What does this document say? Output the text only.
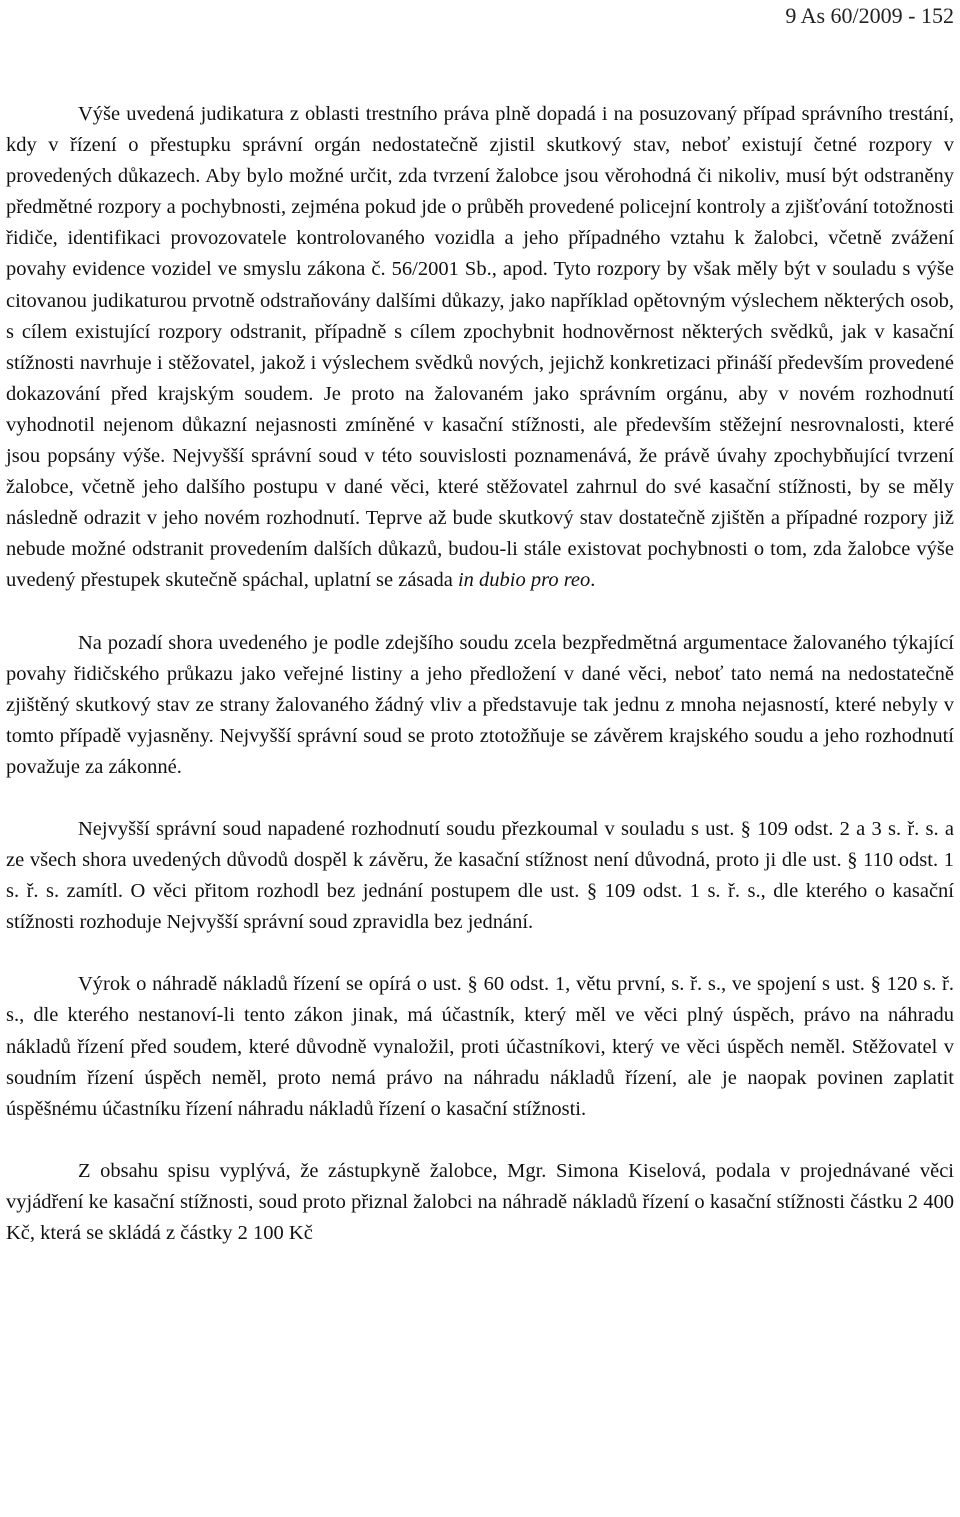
9 As 60/2009 - 152

Výše uvedená judikatura z oblasti trestního práva plně dopadá i na posuzovaný případ správního trestání, kdy v řízení o přestupku správní orgán nedostatečně zjistil skutkový stav, neboť existují četné rozpory v provedených důkazech. Aby bylo možné určit, zda tvrzení žalobce jsou věrohodná či nikoliv, musí být odstraněny předmětné rozpory a pochybnosti, zejména pokud jde o průběh provedené policejní kontroly a zjišťování totožnosti řidiče, identifikaci provozovatele kontrolovaného vozidla a jeho případného vztahu k žalobci, včetně zvážení povahy evidence vozidel ve smyslu zákona č. 56/2001 Sb., apod. Tyto rozpory by však měly být v souladu s výše citovanou judikaturou prvotně odstraňovány dalšími důkazy, jako například opětovným výslechem některých osob, s cílem existující rozpory odstranit, případně s cílem zpochybnit hodnověrnost některých svědků, jak v kasační stížnosti navrhuje i stěžovatel, jakož i výslechem svědků nových, jejichž konkretizaci přináší především provedené dokazování před krajským soudem. Je proto na žalovaném jako správním orgánu, aby v novém rozhodnutí vyhodnotil nejenom důkazní nejasnosti zmíněné v kasační stížnosti, ale především stěžejní nesrovnalosti, které jsou popsány výše. Nejvyšší správní soud v této souvislosti poznamenává, že právě úvahy zpochybňující tvrzení žalobce, včetně jeho dalšího postupu v dané věci, které stěžovatel zahrnul do své kasační stížnosti, by se měly následně odrazit v jeho novém rozhodnutí. Teprve až bude skutkový stav dostatečně zjištěn a případné rozpory již nebude možné odstranit provedením dalších důkazů, budou-li stále existovat pochybnosti o tom, zda žalobce výše uvedený přestupek skutečně spáchal, uplatní se zásada in dubio pro reo.

Na pozadí shora uvedeného je podle zdejšího soudu zcela bezpředmětná argumentace žalovaného týkající povahy řidičského průkazu jako veřejné listiny a jeho předložení v dané věci, neboť tato nemá na nedostatečně zjištěný skutkový stav ze strany žalovaného žádný vliv a představuje tak jednu z mnoha nejasností, které nebyly v tomto případě vyjasněny. Nejvyšší správní soud se proto ztotožňuje se závěrem krajského soudu a jeho rozhodnutí považuje za zákonné.

Nejvyšší správní soud napadené rozhodnutí soudu přezkoumal v souladu s ust. § 109 odst. 2 a 3 s. ř. s. a ze všech shora uvedených důvodů dospěl k závěru, že kasační stížnost není důvodná, proto ji dle ust. § 110 odst. 1 s. ř. s. zamítl. O věci přitom rozhodl bez jednání postupem dle ust. § 109 odst. 1 s. ř. s., dle kterého o kasační stížnosti rozhoduje Nejvyšší správní soud zpravidla bez jednání.

Výrok o náhradě nákladů řízení se opírá o ust. § 60 odst. 1, větu první, s. ř. s., ve spojení s ust. § 120 s. ř. s., dle kterého nestanoví-li tento zákon jinak, má účastník, který měl ve věci plný úspěch, právo na náhradu nákladů řízení před soudem, které důvodně vynaložil, proti účastníkovi, který ve věci úspěch neměl. Stěžovatel v soudním řízení úspěch neměl, proto nemá právo na náhradu nákladů řízení, ale je naopak povinen zaplatit úspěšnému účastníku řízení náhradu nákladů řízení o kasační stížnosti.

Z obsahu spisu vyplývá, že zástupkyně žalobce, Mgr. Simona Kiselová, podala v projednávané věci vyjádření ke kasační stížnosti, soud proto přiznal žalobci na náhradě nákladů řízení o kasační stížnosti částku 2 400 Kč, která se skládá z částky 2 100 Kč
